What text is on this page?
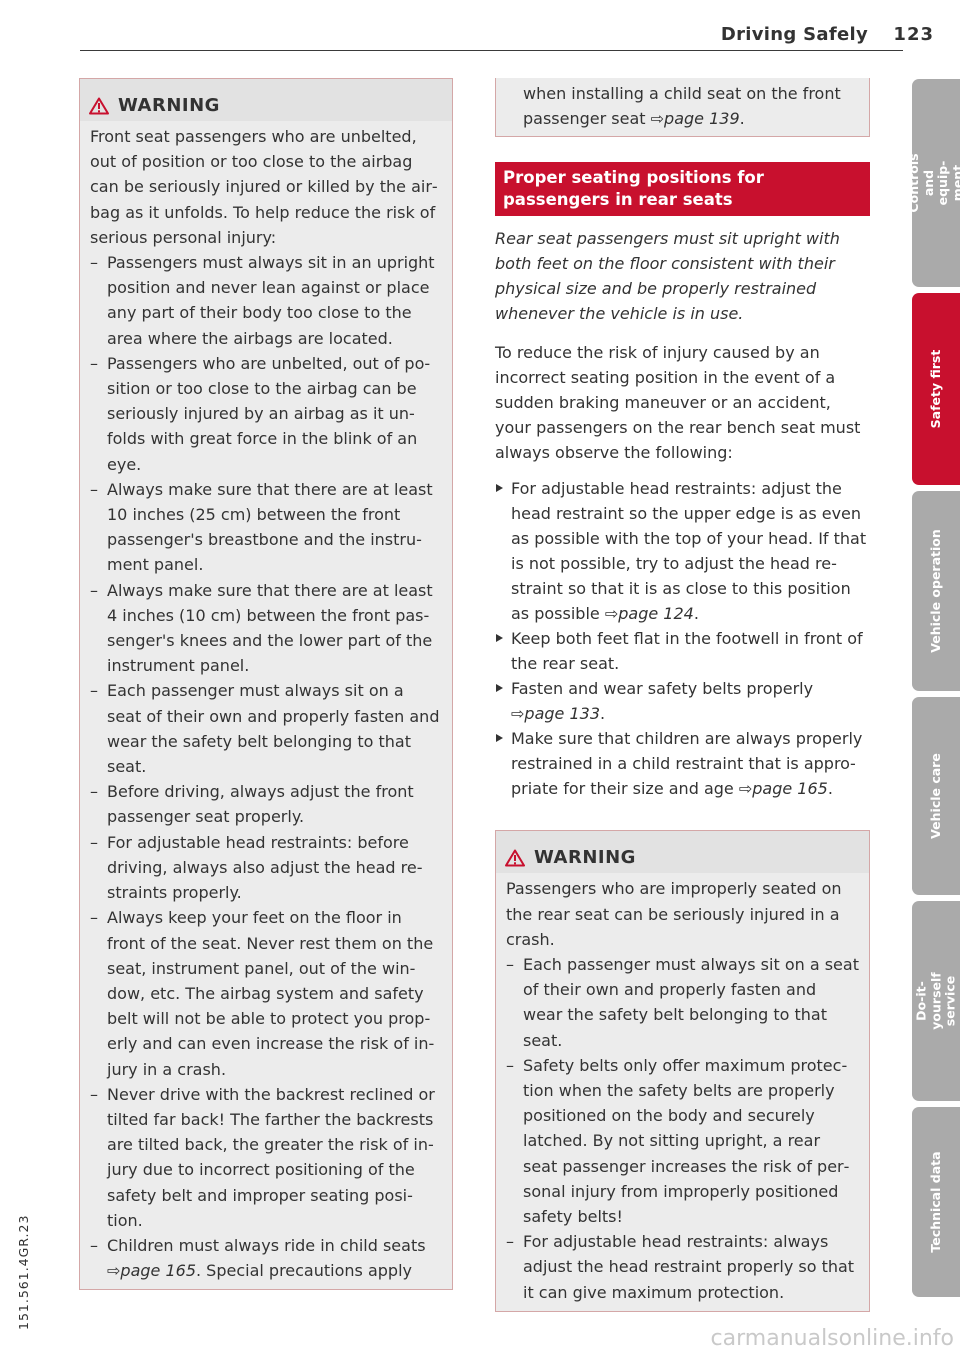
Driving Safely 123
WARNING

Front seat passengers who are unbelted, out of position or too close to the airbag can be seriously injured or killed by the airbag as it unfolds. To help reduce the risk of serious personal injury:

– Passengers must always sit in an upright position and never lean against or place any part of their body too close to the area where the airbags are located.
– Passengers who are unbelted, out of position or too close to the airbag can be seriously injured by an airbag as it unfolds with great force in the blink of an eye.
– Always make sure that there are at least 10 inches (25 cm) between the front passenger's breastbone and the instrument panel.
– Always make sure that there are at least 4 inches (10 cm) between the front passenger's knees and the lower part of the instrument panel.
– Each passenger must always sit on a seat of their own and properly fasten and wear the safety belt belonging to that seat.
– Before driving, always adjust the front passenger seat properly.
– For adjustable head restraints: before driving, always also adjust the head restraints properly.
– Always keep your feet on the floor in front of the seat. Never rest them on the seat, instrument panel, out of the window, etc. The airbag system and safety belt will not be able to protect you properly and can even increase the risk of injury in a crash.
– Never drive with the backrest reclined or tilted far back! The farther the backrests are tilted back, the greater the risk of injury due to incorrect positioning of the safety belt and improper seating position.
– Children must always ride in child seats ⇨page 165. Special precautions apply
when installing a child seat on the front passenger seat ⇨page 139.
Proper seating positions for passengers in rear seats

Rear seat passengers must sit upright with both feet on the floor consistent with their physical size and be properly restrained whenever the vehicle is in use.

To reduce the risk of injury caused by an incorrect seating position in the event of a sudden braking maneuver or an accident, your passengers on the rear bench seat must always observe the following:

For adjustable head restraints: adjust the head restraint so the upper edge is as even as possible with the top of your head. If that is not possible, try to adjust the head restraint so that it is as close to this position as possible ⇨page 124.
Keep both feet flat in the footwell in front of the rear seat.
Fasten and wear safety belts properly
⇨page 133.
Make sure that children are always properly restrained in a child restraint that is appropriate for their size and age ⇨page 165.
WARNING

Passengers who are improperly seated on the rear seat can be seriously injured in a crash.

– Each passenger must always sit on a seat of their own and properly fasten and wear the safety belt belonging to that seat.
– Safety belts only offer maximum protection when the safety belts are properly positioned on the body and securely latched. By not sitting upright, a rear seat passenger increases the risk of personal injury from improperly positioned safety belts!
– For adjustable head restraints: always adjust the head restraint properly so that it can give maximum protection.
Controls and equip-
ment
Safety first
Vehicle operation
Vehicle care
Do-it-yourself
service
Technical data
151.561.4GR.23
carmanualsonline.info
